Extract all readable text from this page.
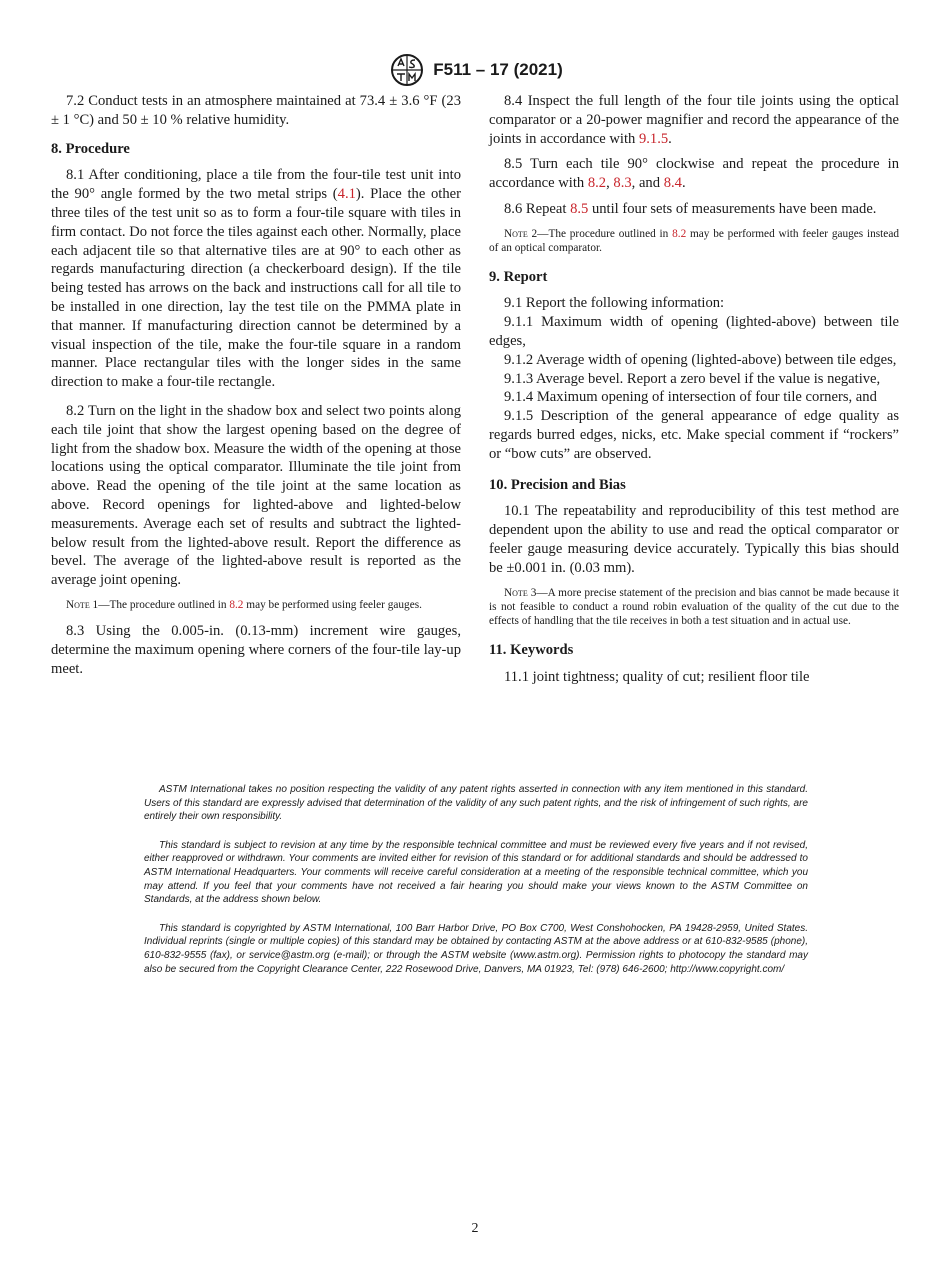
F511 – 17 (2021)

7.2 Conduct tests in an atmosphere maintained at 73.4 ± 3.6 °F (23 ± 1 °C) and 50 ± 10 % relative humidity.

8. Procedure

8.1 After conditioning, place a tile from the four-tile test unit into the 90° angle formed by the two metal strips (4.1). Place the other three tiles of the test unit so as to form a four-tile square with tiles in firm contact. Do not force the tiles against each other. Normally, place each adjacent tile so that alternative tiles are at 90° to each other as regards manufacturing direction (a checkerboard design). If the tile being tested has arrows on the back and instructions call for all tile to be installed in one direction, lay the test tile on the PMMA plate in that manner. If manufacturing direction cannot be determined by a visual inspection of the tile, make the four-tile square in a random manner. Place rectangular tiles with the longer sides in the same direction to make a four-tile rectangle.

8.2 Turn on the light in the shadow box and select two points along each tile joint that show the largest opening based on the degree of light from the shadow box. Measure the width of the opening at those locations using the optical comparator. Illuminate the tile joint from above. Read the opening of the tile joint at the same location as above. Record openings for lighted-above and lighted-below measurements. Average each set of results and subtract the lighted-below result from the lighted-above result. Report the difference as bevel. The average of the lighted-above result is reported as the average joint opening.

Note 1—The procedure outlined in 8.2 may be performed using feeler gauges.

8.3 Using the 0.005-in. (0.13-mm) increment wire gauges, determine the maximum opening where corners of the four-tile lay-up meet.

8.4 Inspect the full length of the four tile joints using the optical comparator or a 20-power magnifier and record the appearance of the joints in accordance with 9.1.5.

8.5 Turn each tile 90° clockwise and repeat the procedure in accordance with 8.2, 8.3, and 8.4.

8.6 Repeat 8.5 until four sets of measurements have been made.

Note 2—The procedure outlined in 8.2 may be performed with feeler gauges instead of an optical comparator.

9. Report

9.1 Report the following information:

9.1.1 Maximum width of opening (lighted-above) between tile edges,

9.1.2 Average width of opening (lighted-above) between tile edges,

9.1.3 Average bevel. Report a zero bevel if the value is negative,

9.1.4 Maximum opening of intersection of four tile corners, and

9.1.5 Description of the general appearance of edge quality as regards burred edges, nicks, etc. Make special comment if “rockers” or “bow cuts” are observed.

10. Precision and Bias

10.1 The repeatability and reproducibility of this test method are dependent upon the ability to use and read the optical comparator or feeler gauge measuring device accurately. Typically this bias should be ±0.001 in. (0.03 mm).

Note 3—A more precise statement of the precision and bias cannot be made because it is not feasible to conduct a round robin evaluation of the quality of the cut due to the effects of handling that the tile receives in both a test situation and in actual use.

11. Keywords

11.1 joint tightness; quality of cut; resilient floor tile

ASTM International takes no position respecting the validity of any patent rights asserted in connection with any item mentioned in this standard. Users of this standard are expressly advised that determination of the validity of any such patent rights, and the risk of infringement of such rights, are entirely their own responsibility.

This standard is subject to revision at any time by the responsible technical committee and must be reviewed every five years and if not revised, either reapproved or withdrawn. Your comments are invited either for revision of this standard or for additional standards and should be addressed to ASTM International Headquarters. Your comments will receive careful consideration at a meeting of the responsible technical committee, which you may attend. If you feel that your comments have not received a fair hearing you should make your views known to the ASTM Committee on Standards, at the address shown below.

This standard is copyrighted by ASTM International, 100 Barr Harbor Drive, PO Box C700, West Conshohocken, PA 19428-2959, United States. Individual reprints (single or multiple copies) of this standard may be obtained by contacting ASTM at the above address or at 610-832-9585 (phone), 610-832-9555 (fax), or service@astm.org (e-mail); or through the ASTM website (www.astm.org). Permission rights to photocopy the standard may also be secured from the Copyright Clearance Center, 222 Rosewood Drive, Danvers, MA 01923, Tel: (978) 646-2600; http://www.copyright.com/

2
